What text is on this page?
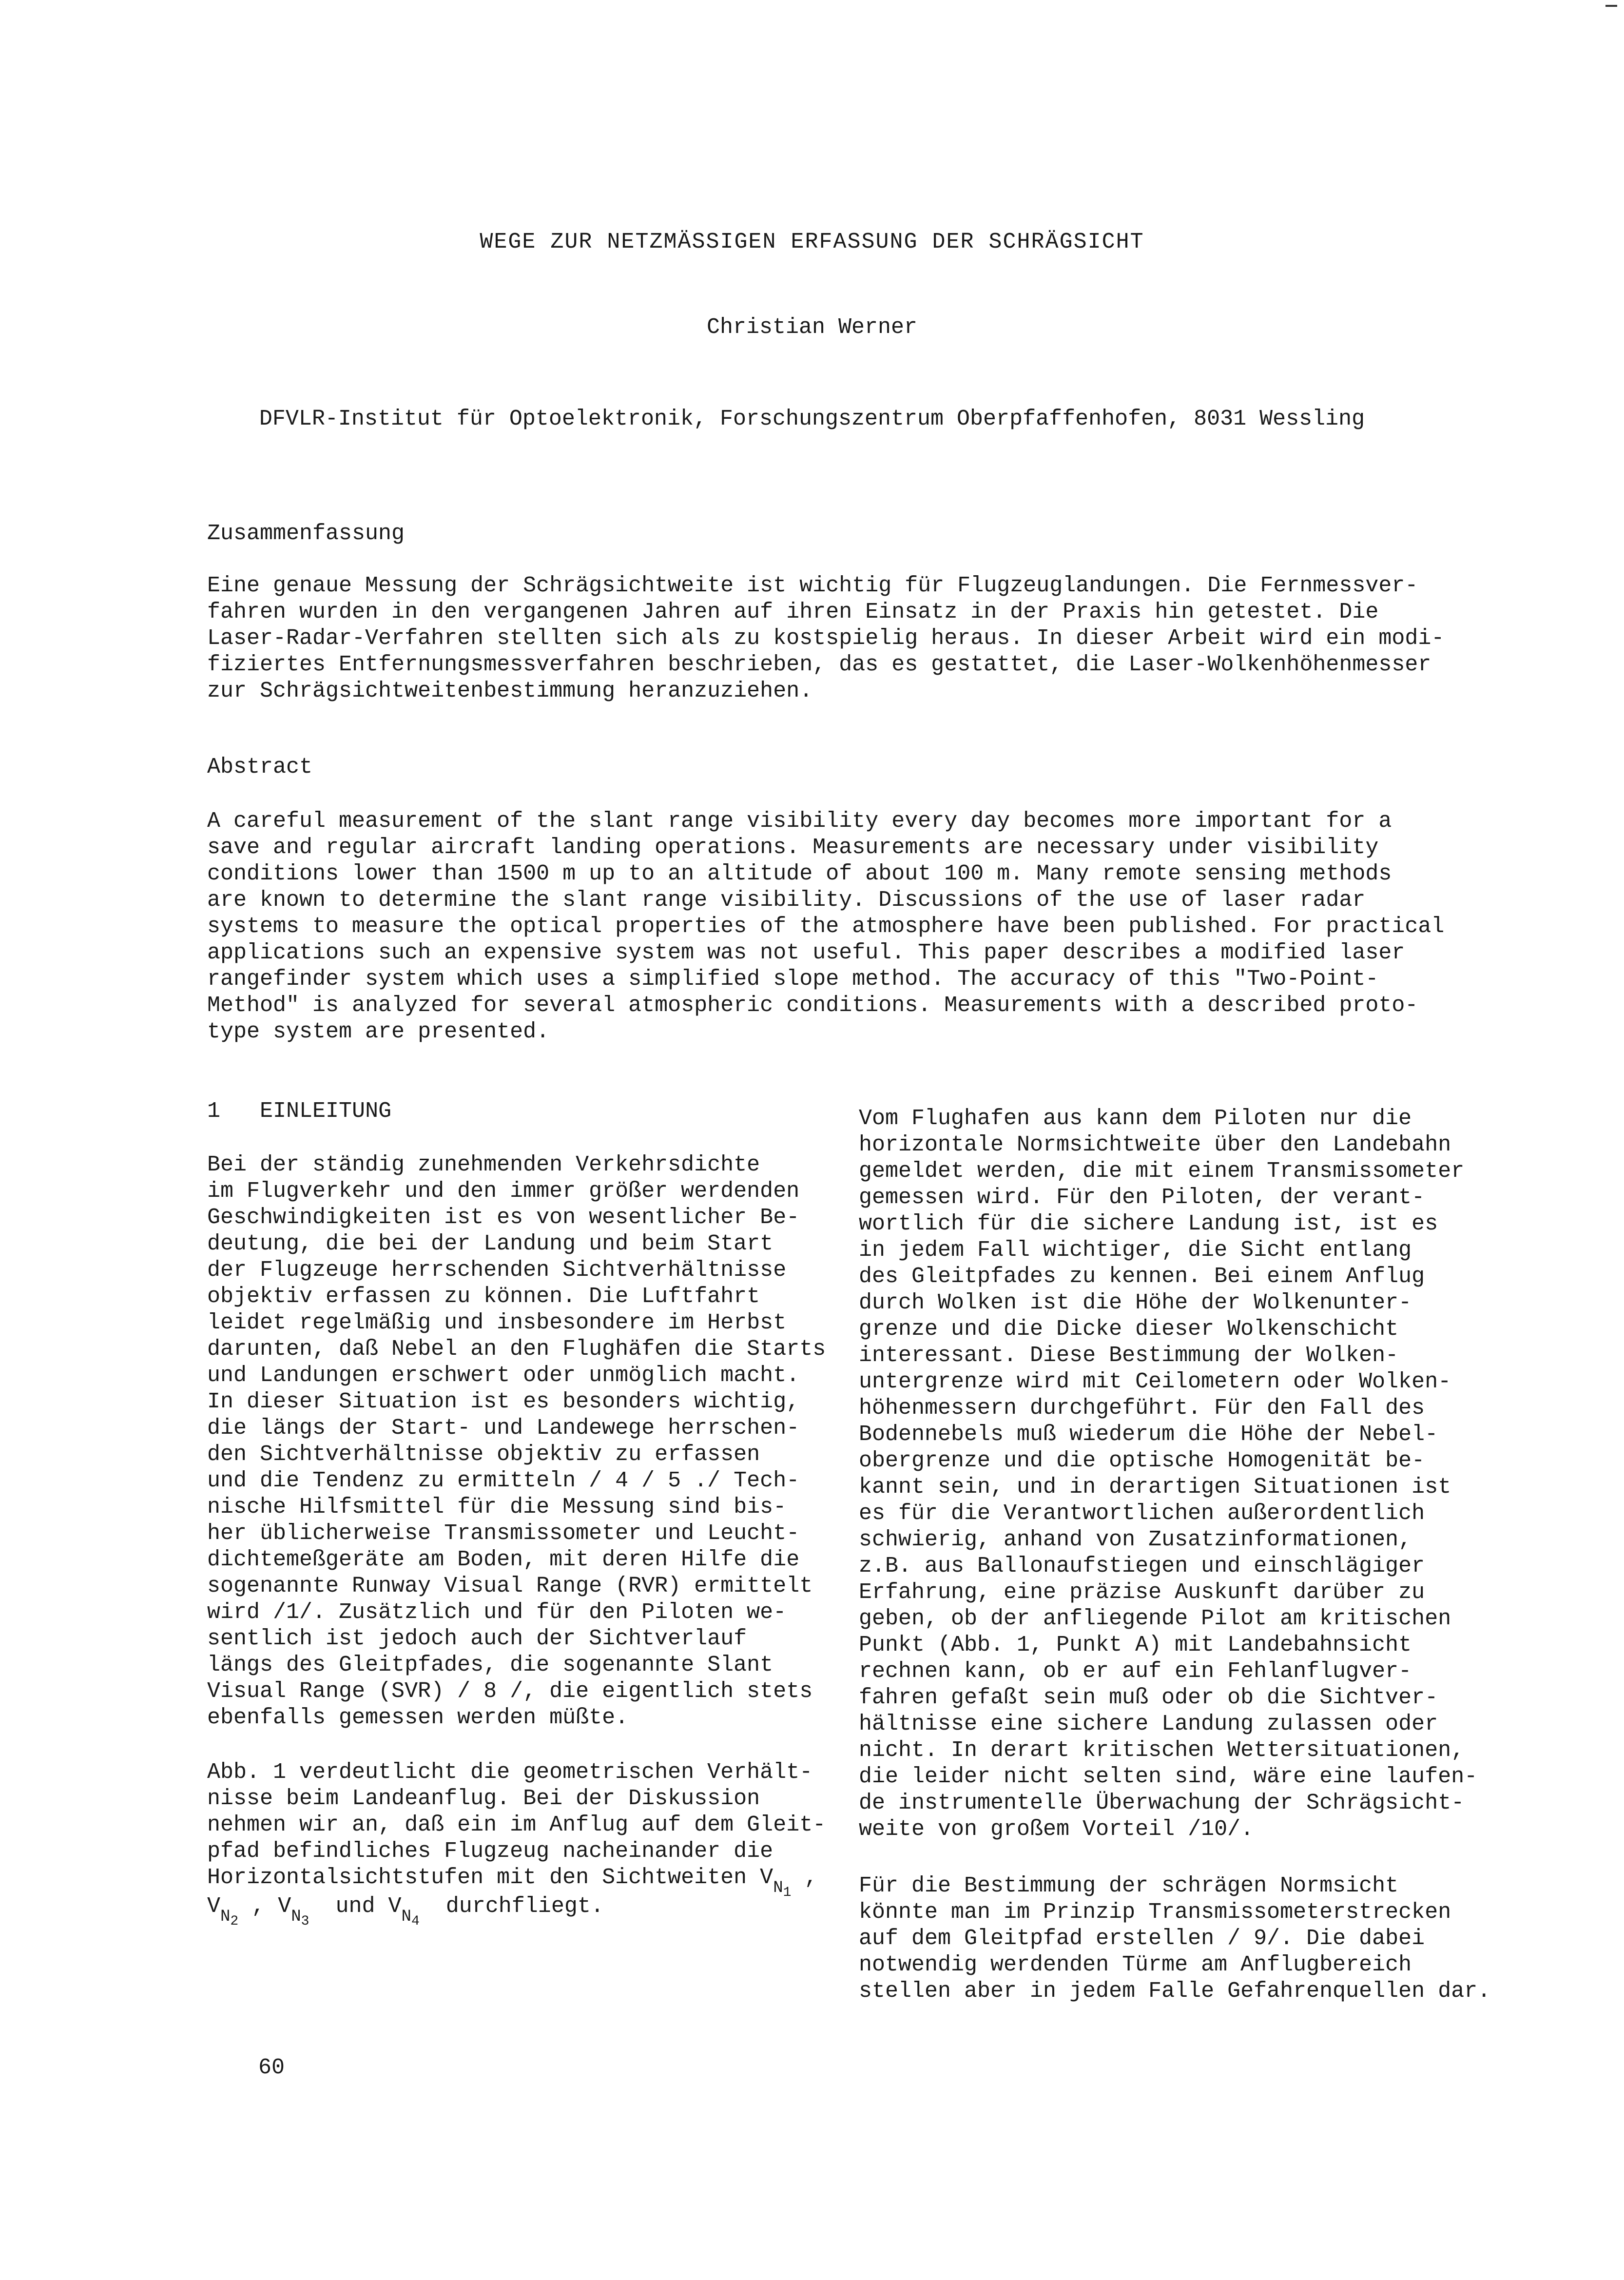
WEGE ZUR NETZMÄSSIGEN ERFASSUNG DER SCHRÄGSICHT
Christian Werner
DFVLR-Institut für Optoelektronik, Forschungszentrum Oberpfaffenhofen, 8031 Wessling
Zusammenfassung
Eine genaue Messung der Schrägsichtweite ist wichtig für Flugzeuglandungen. Die Fernmessver-
fahren wurden in den vergangenen Jahren auf ihren Einsatz in der Praxis hin getestet. Die
Laser-Radar-Verfahren stellten sich als zu kostspielig heraus. In dieser Arbeit wird ein modi-
fiziertes Entfernungsmessverfahren beschrieben, das es gestattet, die Laser-Wolkenhöhenmesser
zur Schrägsichtweitenbestimmung heranzuziehen.
Abstract
A careful measurement of the slant range visibility every day becomes more important for a
save and regular aircraft landing operations. Measurements are necessary under visibility
conditions lower than 1500 m up to an altitude of about 100 m. Many remote sensing methods
are known to determine the slant range visibility. Discussions of the use of laser radar
systems to measure the optical properties of the atmosphere have been published. For practical
applications such an expensive system was not useful. This paper describes a modified laser
rangefinder system which uses a simplified slope method. The accuracy of this "Two-Point-
Method" is analyzed for several atmospheric conditions. Measurements with a described proto-
type system are presented.
1 EINLEITUNG
Bei der ständig zunehmenden Verkehrsdichte
im Flugverkehr und den immer größer werdenden
Geschwindigkeiten ist es von wesentlicher Be-
deutung, die bei der Landung und beim Start
der Flugzeuge herrschenden Sichtverhältnisse
objektiv erfassen zu können. Die Luftfahrt
leidet regelmäßig und insbesondere im Herbst
darunten, daß Nebel an den Flughäfen die Starts
und Landungen erschwert oder unmöglich macht.
In dieser Situation ist es besonders wichtig,
die längs der Start- und Landewege herrschen-
den Sichtverhältnisse objektiv zu erfassen
und die Tendenz zu ermitteln / 4 / 5 ./ Tech-
nische Hilfsmittel für die Messung sind bis-
her üblicherweise Transmissometer und Leucht-
dichtemeßgeräte am Boden, mit deren Hilfe die
sogenannte Runway Visual Range (RVR) ermittelt
wird /1/. Zusätzlich und für den Piloten we-
sentlich ist jedoch auch der Sichtverlauf
längs des Gleitpfades, die sogenannte Slant
Visual Range (SVR) / 8 /, die eigentlich stets
ebenfalls gemessen werden müßte.
Abb. 1 verdeutlicht die geometrischen Verhält-
nisse beim Landeanflug. Bei der Diskussion
nehmen wir an, daß ein im Anflug auf dem Gleit-
pfad befindliches Flugzeug nacheinander die
Horizontalsichtstufen mit den Sichtweiten $V_{N1}$ ,
$V_{N2}$ , $V_{N3}$  und $V_{N4}$  durchfliegt.
Vom Flughafen aus kann dem Piloten nur die
horizontale Normsichtweite über den Landebahn
gemeldet werden, die mit einem Transmissometer
gemessen wird. Für den Piloten, der verant-
wortlich für die sichere Landung ist, ist es
in jedem Fall wichtiger, die Sicht entlang
des Gleitpfades zu kennen. Bei einem Anflug
durch Wolken ist die Höhe der Wolkenunter-
grenze und die Dicke dieser Wolkenschicht
interessant. Diese Bestimmung der Wolken-
untergrenze wird mit Ceilometern oder Wolken-
höhenmessern durchgeführt. Für den Fall des
Bodennebels muß wiederum die Höhe der Nebel-
obergrenze und die optische Homogenität be-
kannt sein, und in derartigen Situationen ist
es für die Verantwortlichen außerordentlich
schwierig, anhand von Zusatzinformationen,
z.B. aus Ballonaufstiegen und einschlägiger
Erfahrung, eine präzise Auskunft darüber zu
geben, ob der anfliegende Pilot am kritischen
Punkt (Abb. 1, Punkt A) mit Landebahnsicht
rechnen kann, ob er auf ein Fehlanflugver-
fahren gefaßt sein muß oder ob die Sichtver-
hältnisse eine sichere Landung zulassen oder
nicht. In derart kritischen Wettersituationen,
die leider nicht selten sind, wäre eine laufen-
de instrumentelle Überwachung der Schrägsicht-
weite von großem Vorteil /10/.
Für die Bestimmung der schrägen Normsicht
könnte man im Prinzip Transmissometerstrecken
auf dem Gleitpfad erstellen / 9/. Die dabei
notwendig werdenden Türme am Anflugbereich
stellen aber in jedem Falle Gefahrenquellen dar.
60
